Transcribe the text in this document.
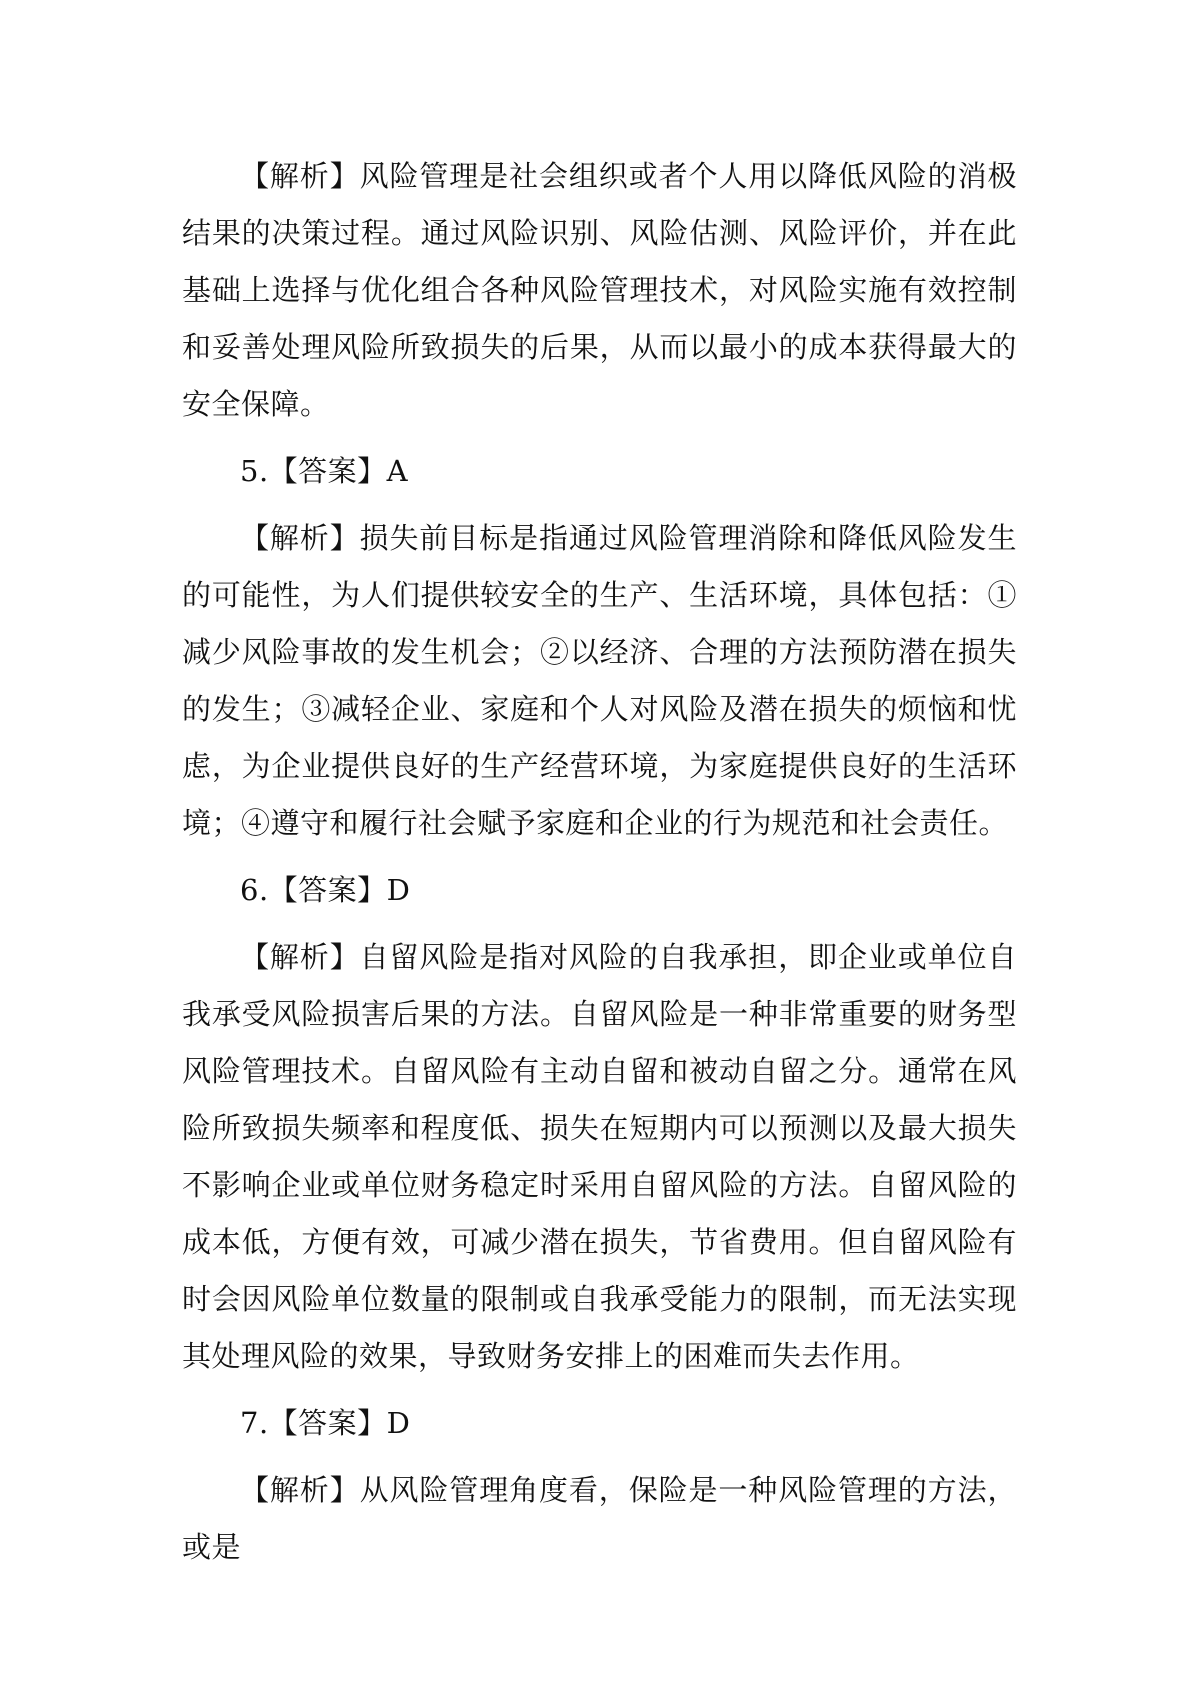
【解析】风险管理是社会组织或者个人用以降低风险的消极结果的决策过程。通过风险识别、风险估测、风险评价，并在此基础上选择与优化组合各种风险管理技术，对风险实施有效控制和妥善处理风险所致损失的后果，从而以最小的成本获得最大的安全保障。

5.【答案】A

【解析】损失前目标是指通过风险管理消除和降低风险发生的可能性，为人们提供较安全的生产、生活环境，具体包括：①减少风险事故的发生机会；②以经济、合理的方法预防潜在损失的发生；③减轻企业、家庭和个人对风险及潜在损失的烦恼和忧虑，为企业提供良好的生产经营环境，为家庭提供良好的生活环境；④遵守和履行社会赋予家庭和企业的行为规范和社会责任。

6.【答案】D

【解析】自留风险是指对风险的自我承担，即企业或单位自我承受风险损害后果的方法。自留风险是一种非常重要的财务型风险管理技术。自留风险有主动自留和被动自留之分。通常在风险所致损失频率和程度低、损失在短期内可以预测以及最大损失不影响企业或单位财务稳定时采用自留风险的方法。自留风险的成本低，方便有效，可减少潜在损失，节省费用。但自留风险有时会因风险单位数量的限制或自我承受能力的限制，而无法实现其处理风险的效果，导致财务安排上的困难而失去作用。

7.【答案】D

【解析】从风险管理角度看，保险是一种风险管理的方法，或是
